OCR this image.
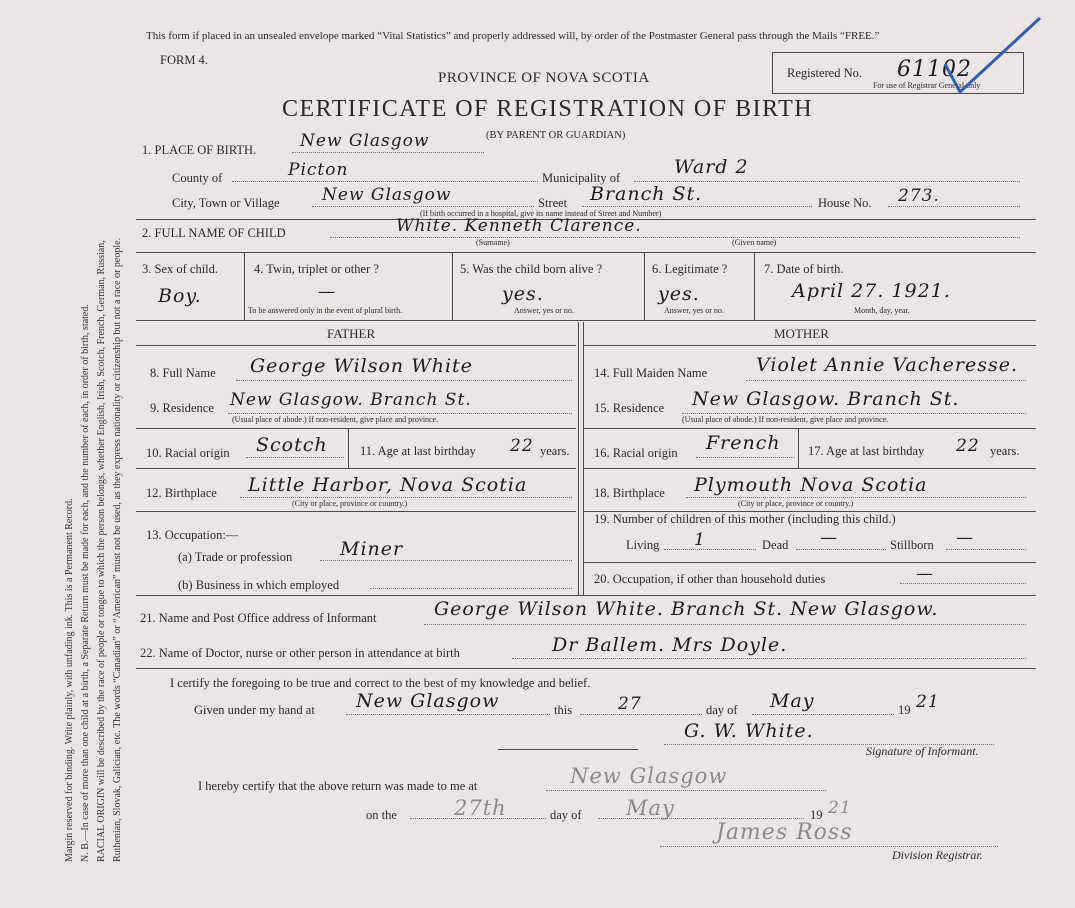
Margin reserved for binding. Write plainly, with unfading ink. This is a Permanent Record. N. B.—In case of more than one child at a birth, a Separate Return must be made for each, and the number of each, in order of birth, stated. RACIAL ORIGIN will be described by the race of people or tongue to which the person belongs, whether English, Irish, Scotch, French, German, Russian, Ruthenian, Slovak, Galician, etc. The words “Canadian” or “American” must not be used, as they express nationality or citizenship but not a race or people.
This form if placed in an unsealed envelope marked “Vital Statistics” and properly addressed will, by order of the Postmaster General pass through the Mails “FREE.”
FORM 4.
PROVINCE OF NOVA SCOTIA
CERTIFICATE OF REGISTRATION OF BIRTH
Registered No. 61102
For use of Registrar General only
1. PLACE OF BIRTH.	New Glasgow	(BY PARENT OR GUARDIAN)
County of	Picton	Municipality of	Ward 2
City, Town or Village New Glasgow	Street Branch St.	House No. 273.
(If birth occurred in a hospital, give its name instead of Street and Number)
2. FULL NAME OF CHILD	White. Kenneth Clarence.
(Surname)	(Given name)
3. Sex of child.
Boy.
4. Twin, triplet or other ?
—
To be answered only in the event of plural birth.
5. Was the child born alive ?
yes.
Answer, yes or no.
6. Legitimate ?
yes.
Answer, yes or no.
7. Date of birth.
April 27. 1921.
Month, day, year.
FATHER	MOTHER
8. Full Name George Wilson White
9. Residence New Glasgow. Branch St.
(Usual place of abode.) If non-resident, give place and province.
10. Racial origin Scotch	11. Age at last birthday 22 years.
12. Birthplace Little Harbor, Nova Scotia
(City or place, province or country.)
13. Occupation:—
(a) Trade or profession	Miner
(b) Business in which employed
14. Full Maiden Name	Violet Annie Vacheresse.
15. Residence New Glasgow. Branch St.
(Usual place of abode.) If non-resident, give place and province.
16. Racial origin French 17. Age at last birthday 22 years.
18. Birthplace Plymouth Nova Scotia
(City or place, province or country.)
19. Number of children of this mother (including this child.)
Living 1	Dead —	Stillborn —
20. Occupation, if other than household duties	—
21. Name and Post Office address of Informant	George Wilson White. Branch St. New Glasgow.
22. Name of Doctor, nurse or other person in attendance at birth	Dr Ballem. Mrs Doyle.
I certify the foregoing to be true and correct to the best of my knowledge and belief.
Given under my hand at New Glasgow	this	27	day of May	19 21
G. W. White.
Signature of Informant.
I hereby certify that the above return was made to me at	New Glasgow
on the	27th	day of May	19 21
James Ross
Division Registrar.
